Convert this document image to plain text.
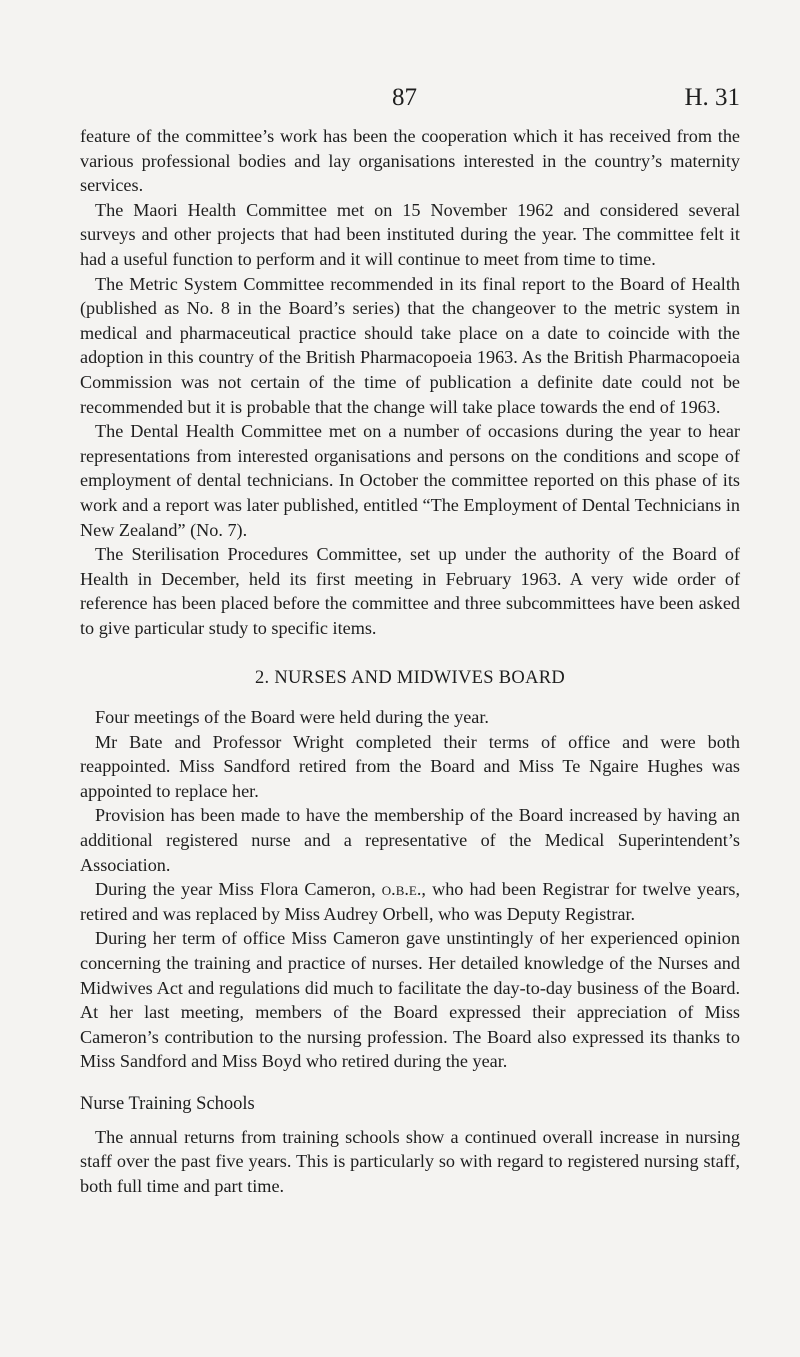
87	H. 31

feature of the committee’s work has been the cooperation which it has received from the various professional bodies and lay organisations interested in the country’s maternity services.

The Maori Health Committee met on 15 November 1962 and considered several surveys and other projects that had been instituted during the year. The committee felt it had a useful function to perform and it will continue to meet from time to time.

The Metric System Committee recommended in its final report to the Board of Health (published as No. 8 in the Board’s series) that the changeover to the metric system in medical and pharmaceutical practice should take place on a date to coincide with the adoption in this country of the British Pharmacopoeia 1963. As the British Pharmacopoeia Commission was not certain of the time of publication a definite date could not be recommended but it is probable that the change will take place towards the end of 1963.

The Dental Health Committee met on a number of occasions during the year to hear representations from interested organisations and persons on the conditions and scope of employment of dental technicians. In October the committee reported on this phase of its work and a report was later published, entitled “The Employment of Dental Technicians in New Zealand” (No. 7).

The Sterilisation Procedures Committee, set up under the authority of the Board of Health in December, held its first meeting in February 1963. A very wide order of reference has been placed before the committee and three subcommittees have been asked to give particular study to specific items.

2. NURSES AND MIDWIVES BOARD

Four meetings of the Board were held during the year.

Mr Bate and Professor Wright completed their terms of office and were both reappointed. Miss Sandford retired from the Board and Miss Te Ngaire Hughes was appointed to replace her.

Provision has been made to have the membership of the Board increased by having an additional registered nurse and a representative of the Medical Superintendent’s Association.

During the year Miss Flora Cameron, o.b.e., who had been Registrar for twelve years, retired and was replaced by Miss Audrey Orbell, who was Deputy Registrar.

During her term of office Miss Cameron gave unstintingly of her experienced opinion concerning the training and practice of nurses. Her detailed knowledge of the Nurses and Midwives Act and regulations did much to facilitate the day-to-day business of the Board. At her last meeting, members of the Board expressed their appreciation of Miss Cameron’s contribution to the nursing profession. The Board also expressed its thanks to Miss Sandford and Miss Boyd who retired during the year.

Nurse Training Schools

The annual returns from training schools show a continued overall increase in nursing staff over the past five years. This is particularly so with regard to registered nursing staff, both full time and part time.
